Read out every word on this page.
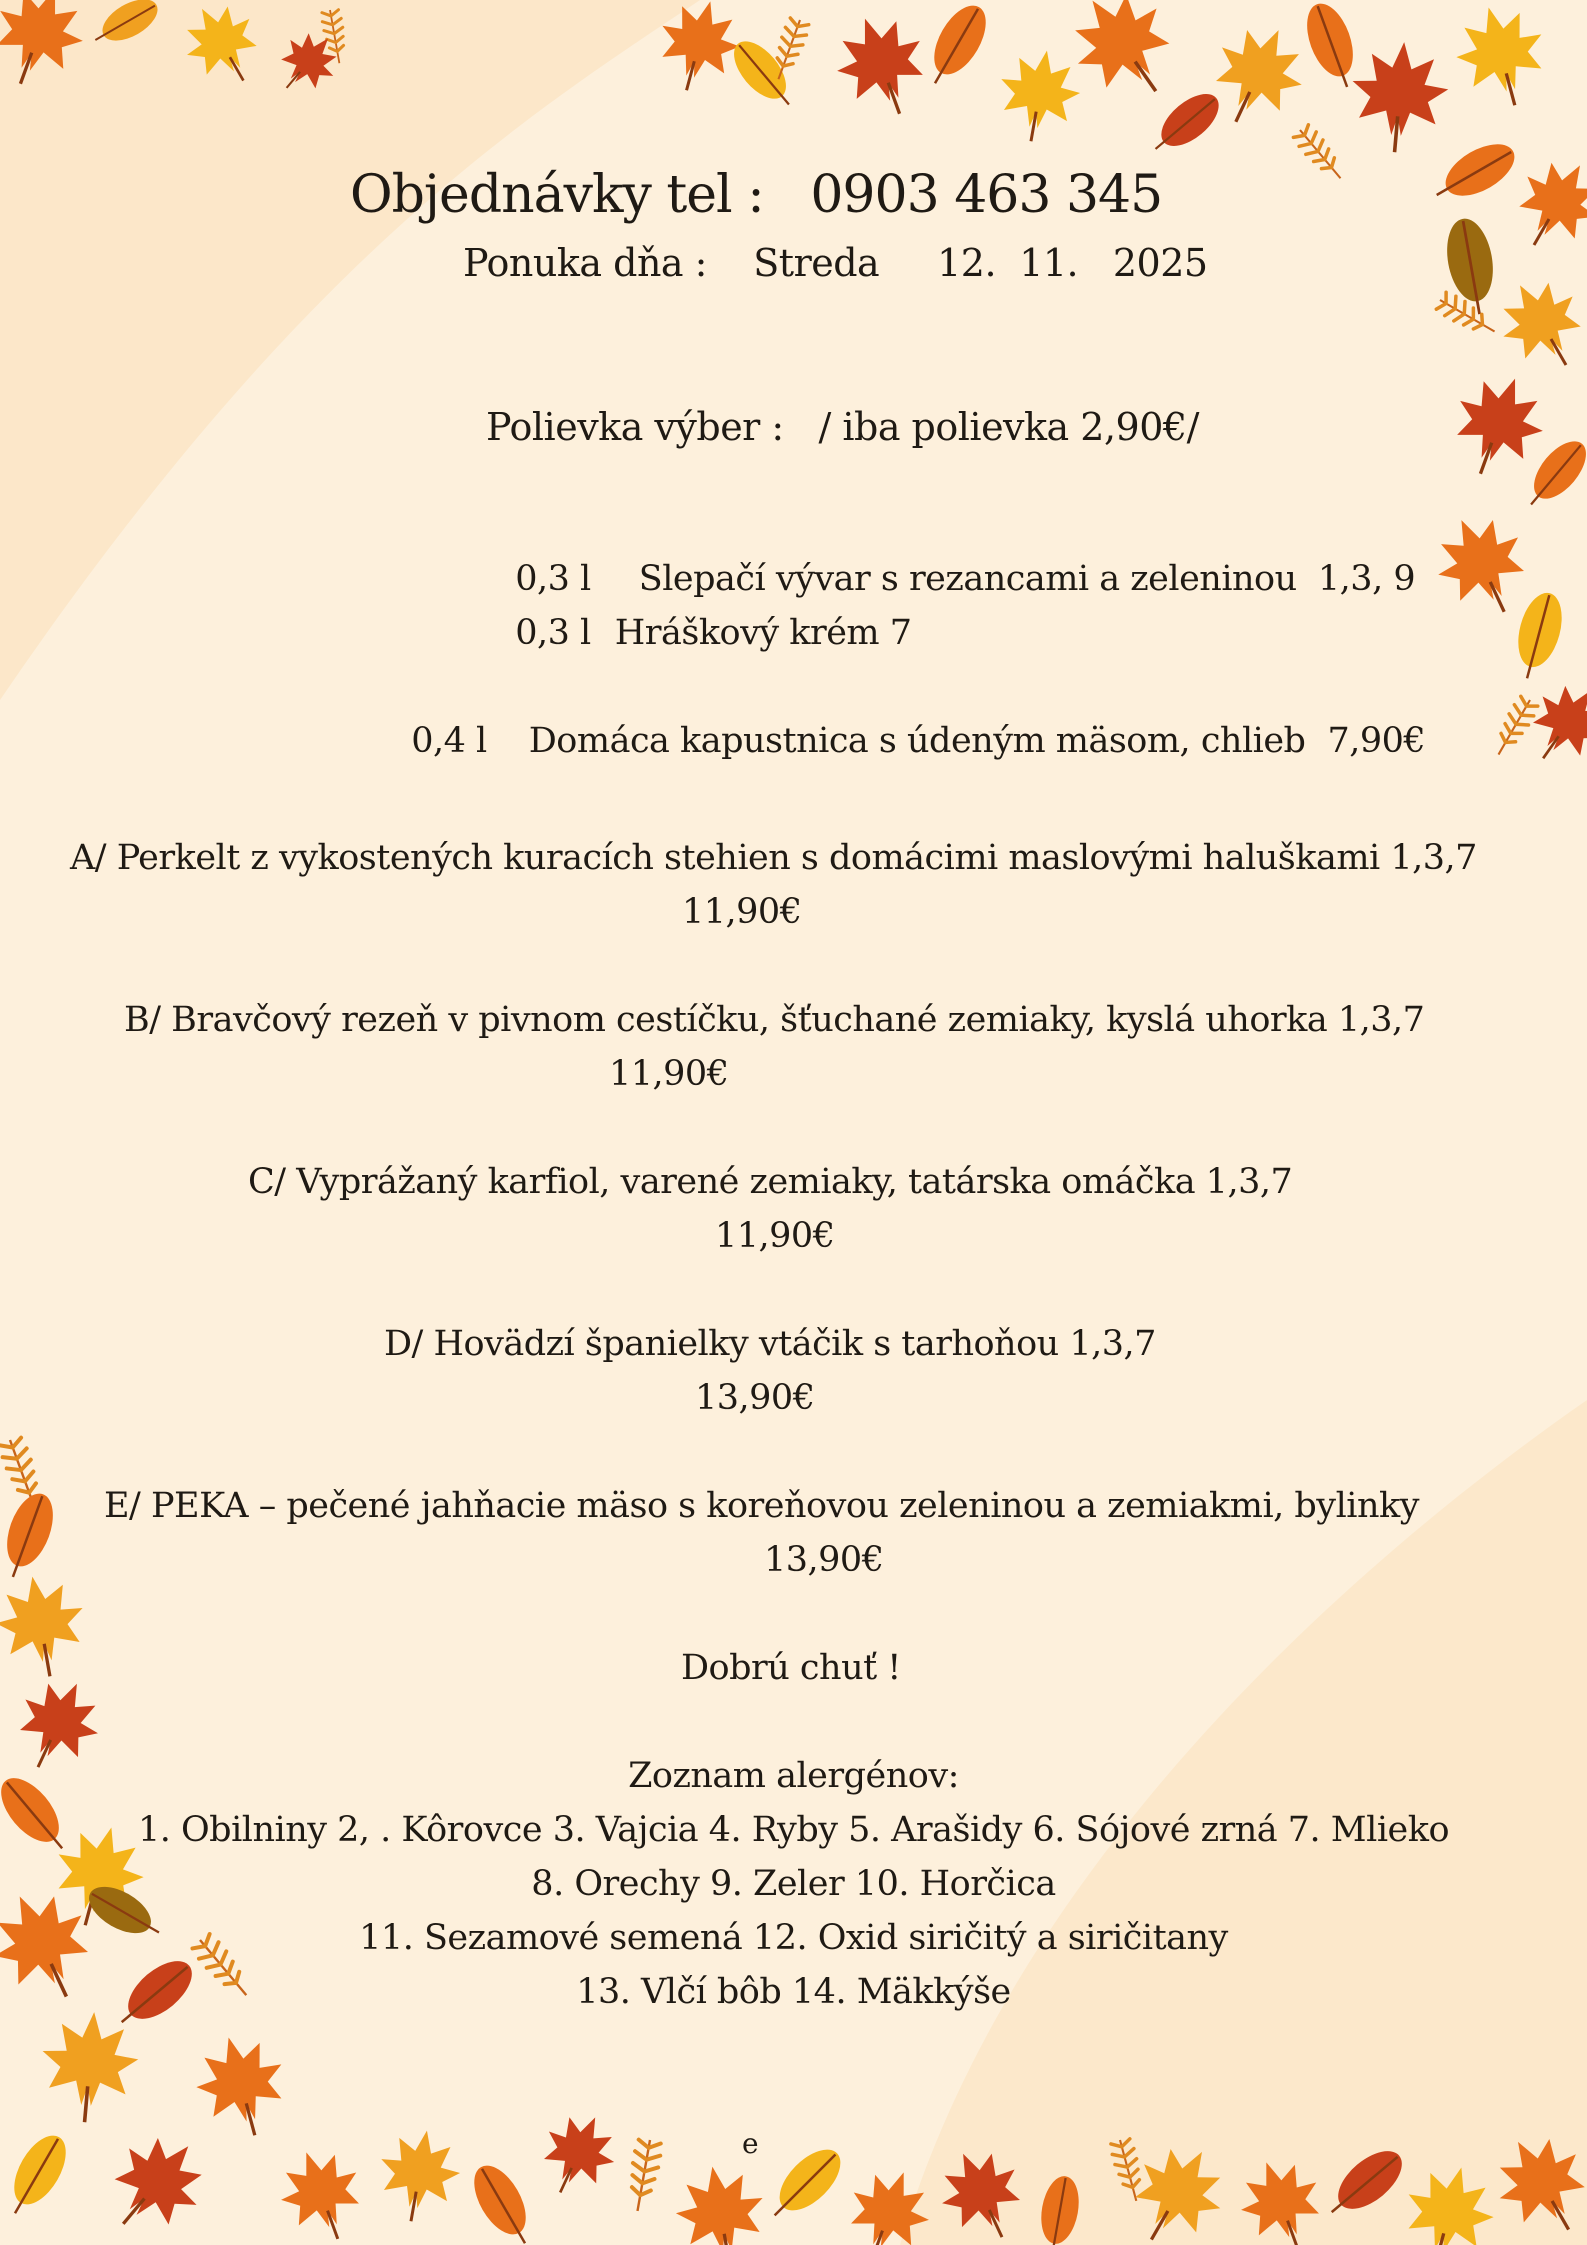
Objednávky tel :   0903 463 345
Ponuka dňa :    Streda     12.  11.   2025
Polievka výber :   / iba polievka 2,90€/

0,3 l Slepačí vývar s rezancami a zeleninou  1,3, 9

0,3 l Hráškový krém 7

0,4 l Domáca kapustnica s údeným mäsom, chlieb 7,90€

A/ Perkelt z vykostených kuracích stehien s domácimi maslovými haluškami 1,3,7
11,90€
B/ Bravčový rezeň v pivnom cestíčku, šťuchané zemiaky, kyslá uhorka 1,3,7
11,90€
C/ Vyprážaný karfiol, varené zemiaky, tatárska omáčka 1,3,7
11,90€
D/ Hovädzí španielky vtáčik s tarhoňou 1,3,7
13,90€
E/ PEKA – pečené jahňacie mäso s koreňovou zeleninou a zemiakmi, bylinky
13,90€
Dobrú chuť !
Zoznam alergénov:
1. Obilniny 2, . Kôrovce 3. Vajcia 4. Ryby 5. Arašidy 6. Sójové zrná 7. Mlieko
8. Orechy 9. Zeler 10. Horčica
11. Sezamové semená 12. Oxid siričitý a siričitany
13. Vlčí bôb 14. Mäkkýše
e
